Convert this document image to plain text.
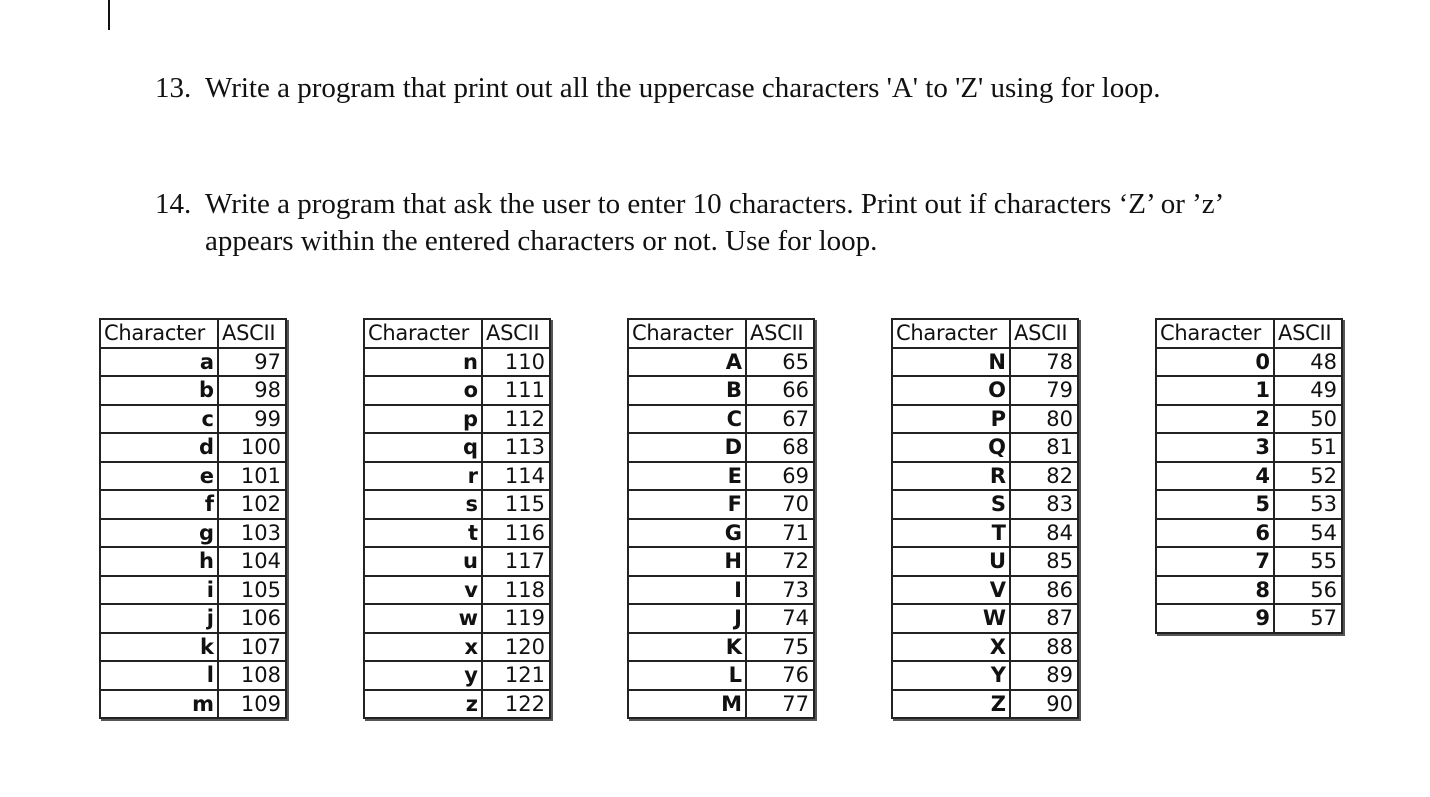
13. Write a program that print out all the uppercase characters 'A' to 'Z' using for loop.
14. Write a program that ask the user to enter 10 characters. Print out if characters ‘Z’ or ’z’
appears within the entered characters or not. Use for loop.
Character	ASCII
a	97
b	98
c	99
d	100
e	101
f	102
g	103
h	104
i	105
j	106
k	107
l	108
m	109
Character	ASCII
n	110
o	111
p	112
q	113
r	114
s	115
t	116
u	117
v	118
w	119
x	120
y	121
z	122
Character	ASCII
A	65
B	66
C	67
D	68
E	69
F	70
G	71
H	72
I	73
J	74
K	75
L	76
M	77
Character	ASCII
N	78
O	79
P	80
Q	81
R	82
S	83
T	84
U	85
V	86
W	87
X	88
Y	89
Z	90
Character	ASCII
0	48
1	49
2	50
3	51
4	52
5	53
6	54
7	55
8	56
9	57
